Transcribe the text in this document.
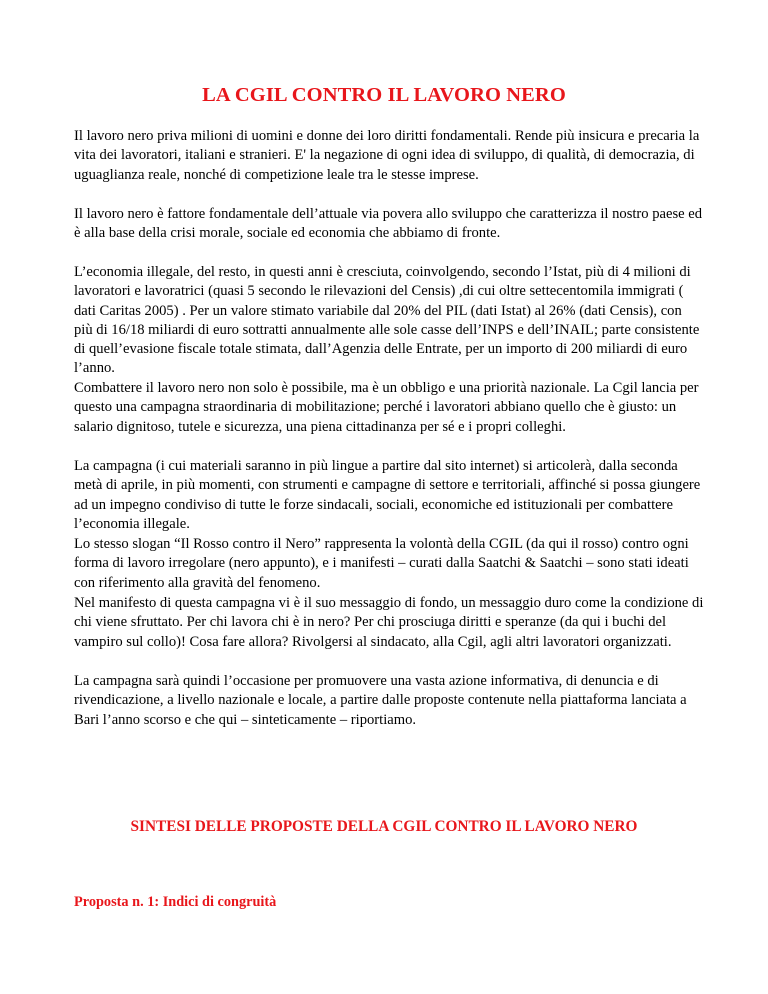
LA CGIL CONTRO IL LAVORO NERO

Il lavoro nero priva milioni di uomini e donne dei loro diritti fondamentali. Rende più insicura e precaria la vita dei lavoratori, italiani e stranieri. E' la negazione di ogni idea di sviluppo, di qualità, di democrazia, di uguaglianza reale, nonché di competizione leale tra le stesse imprese.

Il lavoro nero è fattore fondamentale dell’attuale via povera allo sviluppo che caratterizza il nostro paese ed è alla base della crisi morale, sociale ed economia che abbiamo di fronte.

L’economia illegale, del resto, in questi anni è cresciuta, coinvolgendo, secondo l’Istat, più di 4 milioni di lavoratori e lavoratrici (quasi 5 secondo le rilevazioni del Censis) ,di cui oltre settecentomila immigrati ( dati Caritas 2005) . Per un valore stimato variabile dal 20% del PIL (dati Istat) al 26% (dati Censis), con più di 16/18 miliardi di euro sottratti annualmente alle sole casse dell’INPS e dell’INAIL; parte consistente di quell’evasione fiscale totale stimata, dall’Agenzia delle Entrate, per un importo di 200 miliardi di euro l’anno.

Combattere il lavoro nero non solo è possibile, ma è un obbligo e una priorità nazionale. La Cgil lancia per questo una campagna straordinaria di mobilitazione; perché i lavoratori abbiano quello che è giusto: un salario dignitoso, tutele e sicurezza, una piena cittadinanza per sé e i propri colleghi.

La campagna (i cui materiali saranno in più lingue a partire dal sito internet) si articolerà, dalla seconda metà di aprile, in più momenti, con strumenti e campagne di settore e territoriali, affinché si possa giungere ad un impegno condiviso di tutte le forze sindacali, sociali, economiche ed istituzionali per combattere l’economia illegale.

Lo stesso slogan “Il Rosso contro il Nero” rappresenta la volontà della CGIL (da qui il rosso) contro ogni forma di lavoro irregolare (nero appunto), e i manifesti – curati dalla Saatchi & Saatchi – sono stati ideati con riferimento alla gravità del fenomeno.

Nel manifesto di questa campagna vi è il suo messaggio di fondo, un messaggio duro come la condizione di chi viene sfruttato. Per chi lavora chi è in nero? Per chi prosciuga diritti e speranze (da qui i buchi del vampiro sul collo)! Cosa fare allora? Rivolgersi al sindacato, alla Cgil, agli altri lavoratori organizzati.

La campagna sarà quindi l’occasione per promuovere una vasta azione informativa, di denuncia e di rivendicazione, a livello nazionale e locale, a partire dalle proposte contenute nella piattaforma lanciata a Bari l’anno scorso e che qui – sinteticamente – riportiamo.

SINTESI DELLE PROPOSTE DELLA CGIL CONTRO IL LAVORO NERO
Proposta n. 1: Indici di congruità
